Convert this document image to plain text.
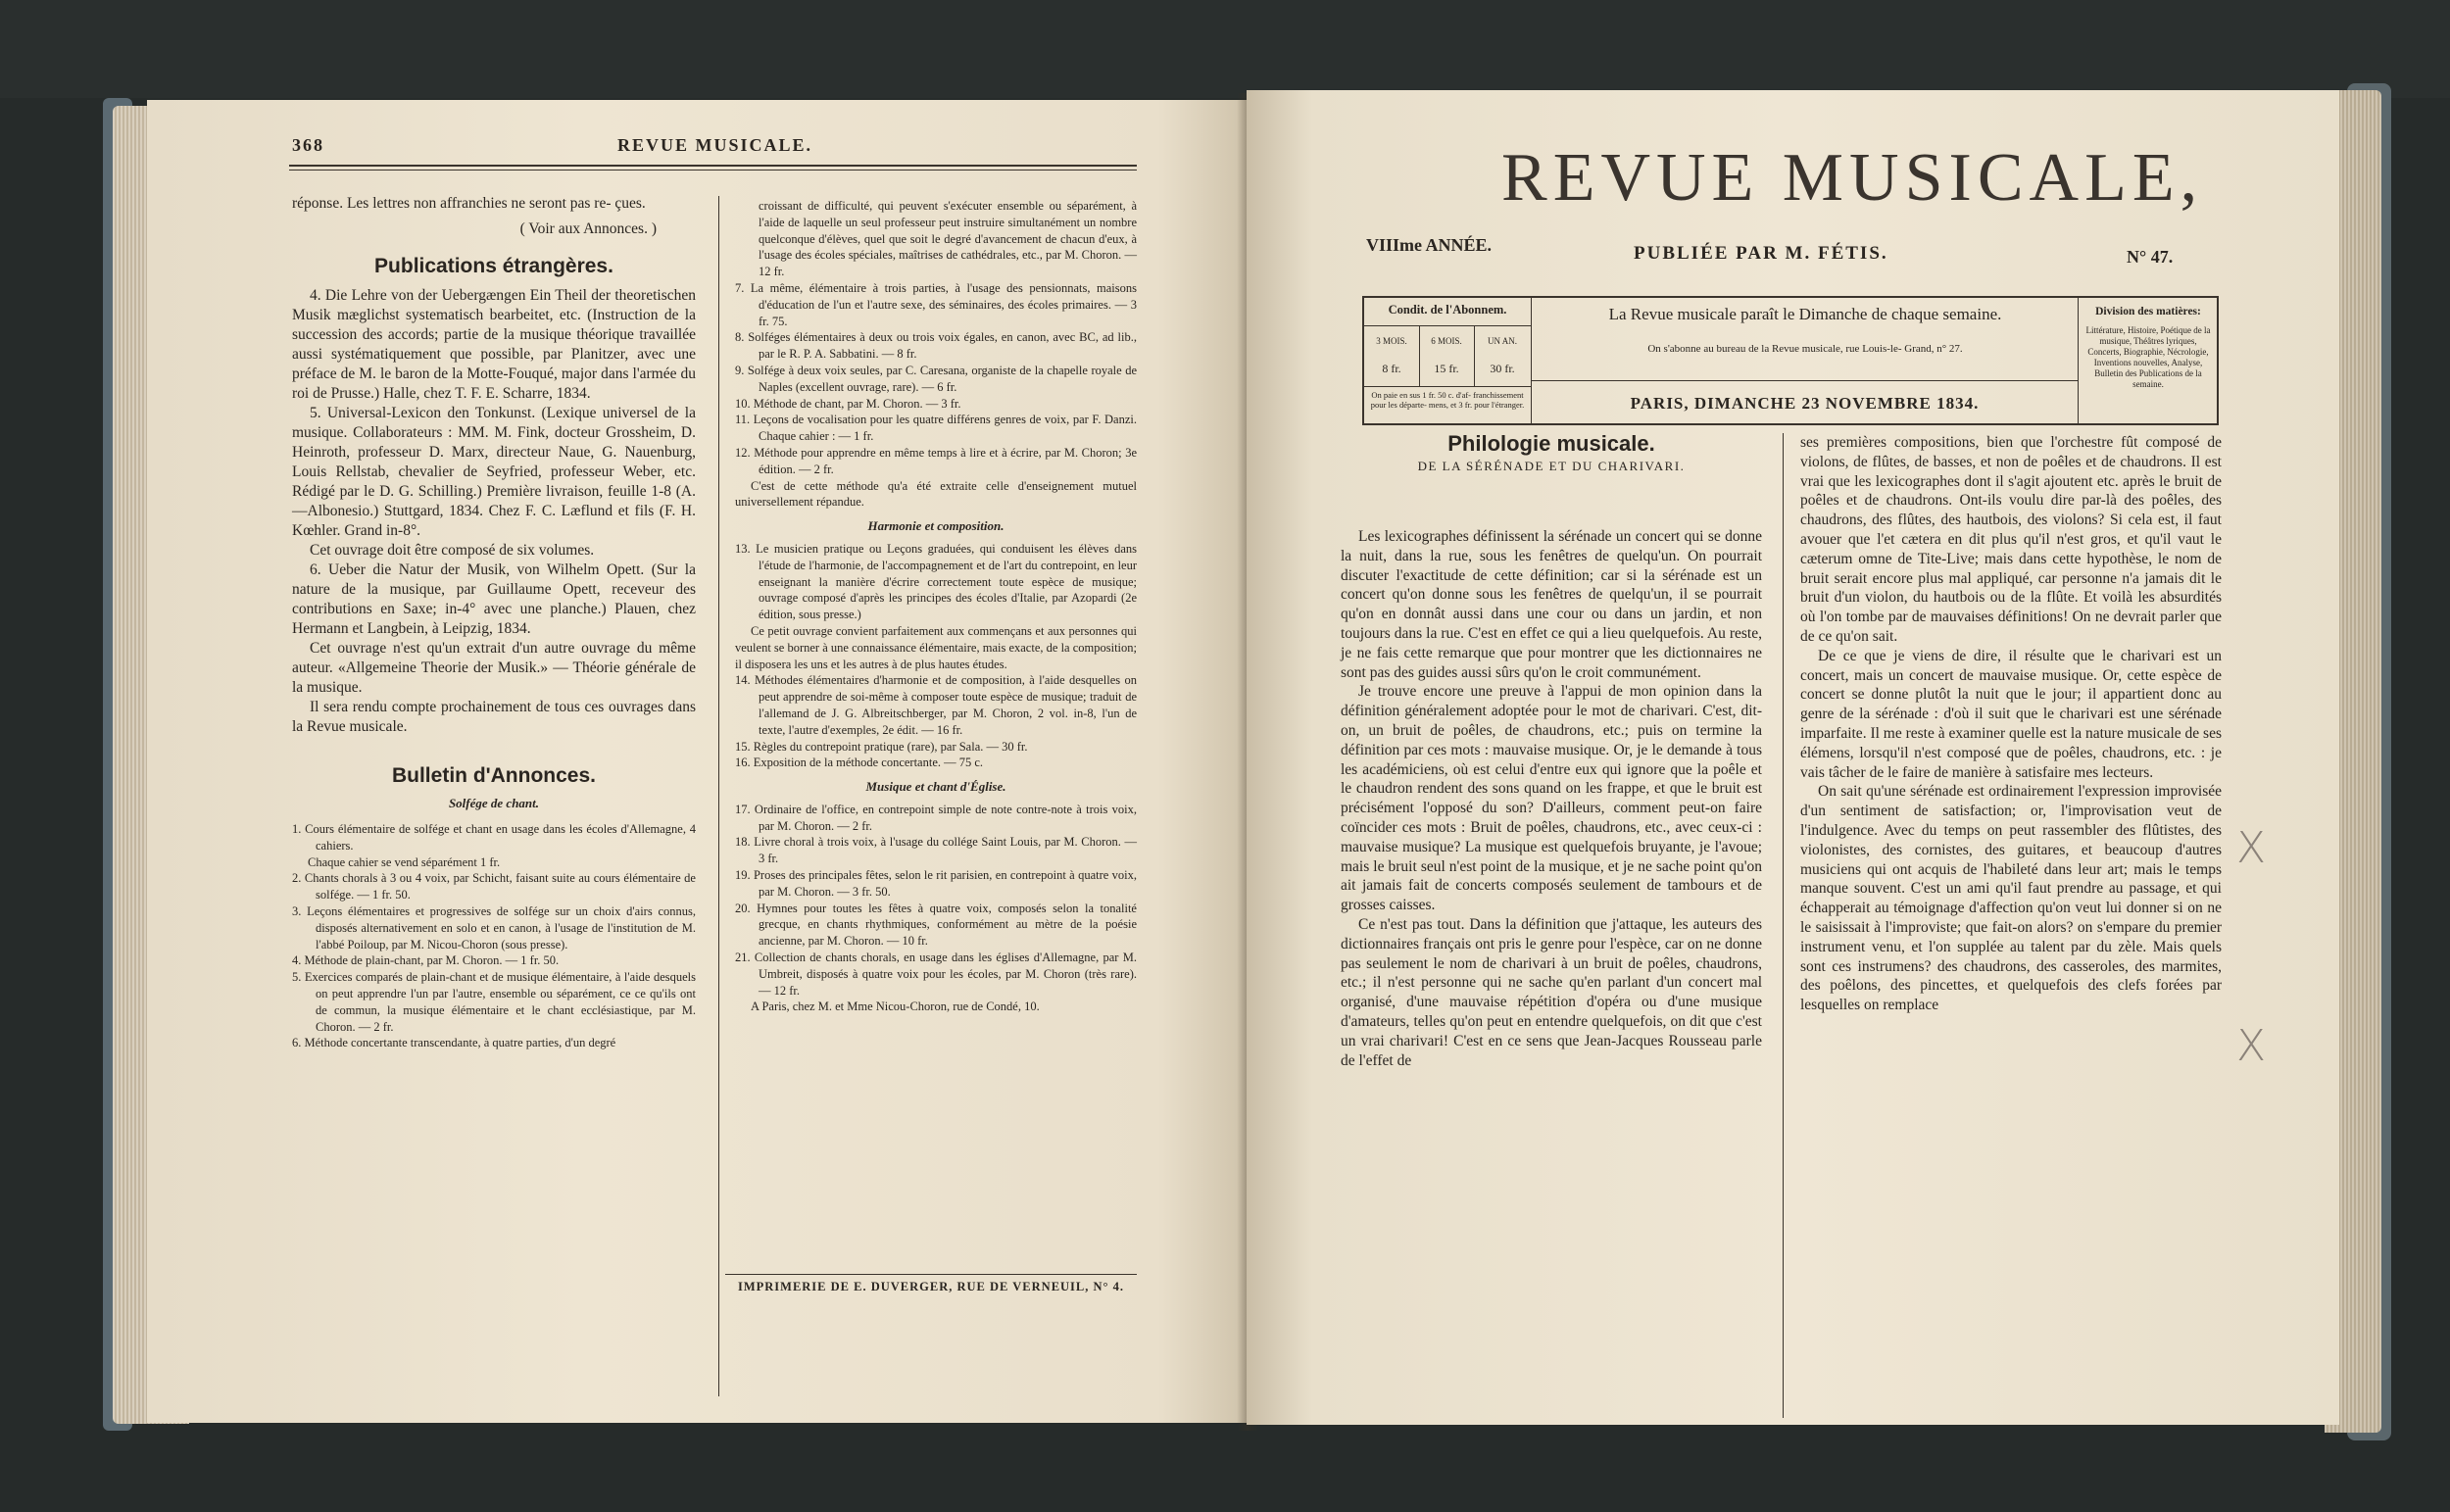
368	REVUE MUSICALE.

réponse. Les lettres non affranchies ne seront pas re- çues.

( Voir aux Annonces. )
Publications étrangères.

4. Die Lehre von der Uebergængen Ein Theil der theoretischen Musik mæglichst systematisch bearbeitet, etc. (Instruction de la succession des accords; partie de la musique théorique travaillée aussi systématiquement que possible, par Planitzer, avec une préface de M. le baron de la Motte-Fouqué, major dans l'armée du roi de Prusse.) Halle, chez T. F. E. Scharre, 1834.

5. Universal-Lexicon den Tonkunst. (Lexique universel de la musique. Collaborateurs : MM. M. Fink, docteur Grossheim, D. Heinroth, professeur D. Marx, directeur Naue, G. Nauenburg, Louis Rellstab, chevalier de Seyfried, professeur Weber, etc. Rédigé par le D. G. Schilling.) Première livraison, feuille 1-8 (A.—Albonesio.) Stuttgard, 1834. Chez F. C. Læflund et fils (F. H. Kœhler. Grand in-8°.

Cet ouvrage doit être composé de six volumes.

6. Ueber die Natur der Musik, von Wilhelm Opett. (Sur la nature de la musique, par Guillaume Opett, receveur des contributions en Saxe; in-4° avec une planche.) Plauen, chez Hermann et Langbein, à Leipzig, 1834.

Cet ouvrage n'est qu'un extrait d'un autre ouvrage du même auteur. «Allgemeine Theorie der Musik.» — Théorie générale de la musique.

Il sera rendu compte prochainement de tous ces ouvrages dans la Revue musicale.

Bulletin d'Annonces.
Solfége de chant.

1. Cours élémentaire de solfége et chant en usage dans les écoles d'Allemagne, 4 cahiers.

Chaque cahier se vend séparément 1 fr.

2. Chants chorals à 3 ou 4 voix, par Schicht, faisant suite au cours élémentaire de solfége. — 1 fr. 50.

3. Leçons élémentaires et progressives de solfége sur un choix d'airs connus, disposés alternativement en solo et en canon, à l'usage de l'institution de M. l'abbé Poiloup, par M. Nicou-Choron (sous presse).

4. Méthode de plain-chant, par M. Choron. — 1 fr. 50.

5. Exercices comparés de plain-chant et de musique élémentaire, à l'aide desquels on peut apprendre l'un par l'autre, ensemble ou séparément, ce ce qu'ils ont de commun, la musique élémentaire et le chant ecclésiastique, par M. Choron. — 2 fr.

6. Méthode concertante transcendante, à quatre parties, d'un degré

croissant de difficulté, qui peuvent s'exécuter ensemble ou séparément, à l'aide de laquelle un seul professeur peut instruire simultanément un nombre quelconque d'élèves, quel que soit le degré d'avancement de chacun d'eux, à l'usage des écoles spéciales, maîtrises de cathédrales, etc., par M. Choron. — 12 fr.

7. La même, élémentaire à trois parties, à l'usage des pensionnats, maisons d'éducation de l'un et l'autre sexe, des séminaires, des écoles primaires. — 3 fr. 75.

8. Solféges élémentaires à deux ou trois voix égales, en canon, avec BC, ad lib., par le R. P. A. Sabbatini. — 8 fr.

9. Solfége à deux voix seules, par C. Caresana, organiste de la chapelle royale de Naples (excellent ouvrage, rare). — 6 fr.

10. Méthode de chant, par M. Choron. — 3 fr.

11. Leçons de vocalisation pour les quatre différens genres de voix, par F. Danzi. Chaque cahier : — 1 fr.

12. Méthode pour apprendre en même temps à lire et à écrire, par M. Choron; 3e édition. — 2 fr.

C'est de cette méthode qu'a été extraite celle d'enseignement mutuel universellement répandue.

Harmonie et composition.

13. Le musicien pratique ou Leçons graduées, qui conduisent les élèves dans l'étude de l'harmonie, de l'accompagnement et de l'art du contrepoint, en leur enseignant la manière d'écrire correctement toute espèce de musique; ouvrage composé d'après les principes des écoles d'Italie, par Azopardi (2e édition, sous presse.)

Ce petit ouvrage convient parfaitement aux commençans et aux personnes qui veulent se borner à une connaissance élémentaire, mais exacte, de la composition; il disposera les uns et les autres à de plus hautes études.

14. Méthodes élémentaires d'harmonie et de composition, à l'aide desquelles on peut apprendre de soi-même à composer toute espèce de musique; traduit de l'allemand de J. G. Albreitschberger, par M. Choron, 2 vol. in-8, l'un de texte, l'autre d'exemples, 2e édit. — 16 fr.

15. Règles du contrepoint pratique (rare), par Sala. — 30 fr.

16. Exposition de la méthode concertante. — 75 c.

Musique et chant d'Église.

17. Ordinaire de l'office, en contrepoint simple de note contre-note à trois voix, par M. Choron. — 2 fr.

18. Livre choral à trois voix, à l'usage du collége Saint Louis, par M. Choron. — 3 fr.

19. Proses des principales fêtes, selon le rit parisien, en contrepoint à quatre voix, par M. Choron. — 3 fr. 50.

20. Hymnes pour toutes les fêtes à quatre voix, composés selon la tonalité grecque, en chants rhythmiques, conformément au mètre de la poésie ancienne, par M. Choron. — 10 fr.

21. Collection de chants chorals, en usage dans les églises d'Allemagne, par M. Umbreit, disposés à quatre voix pour les écoles, par M. Choron (très rare). — 12 fr.

A Paris, chez M. et Mme Nicou-Choron, rue de Condé, 10.

IMPRIMERIE DE E. DUVERGER, RUE DE VERNEUIL, N° 4.
REVUE MUSICALE,
VIIIme ANNÉE.	PUBLIÉE PAR M. FÉTIS.	N° 47.
Condit. de l'Abonnem.
3 MOIS.	6 MOIS.	UN AN.
8 fr.	15 fr.	30 fr.
On paie en sus 1 fr. 50 c. d'af- franchissement pour les départe- mens, et 3 fr. pour l'étranger.
La Revue musicale paraît le Dimanche de chaque semaine.
On s'abonne au bureau de la Revue musicale, rue Louis-le- Grand, n° 27.
PARIS, DIMANCHE 23 NOVEMBRE 1834.
Division des matières:
Littérature, Histoire, Poétique de la musique, Théâtres lyriques, Concerts, Biographie, Nécrologie, Inventions nouvelles, Analyse, Bulletin des Publications de la semaine.

Les lexicographes définissent la sérénade un concert qui se donne la nuit, dans la rue, sous les fenêtres de quelqu'un. On pourrait discuter l'exactitude de cette définition; car si la sérénade est un concert qu'on donne sous les fenêtres de quelqu'un, il se pourrait qu'on en donnât aussi dans une cour ou dans un jardin, et non toujours dans la rue. C'est en effet ce qui a lieu quelquefois. Au reste, je ne fais cette remarque que pour montrer que les dictionnaires ne sont pas des guides aussi sûrs qu'on le croit communément.

Je trouve encore une preuve à l'appui de mon opinion dans la définition généralement adoptée pour le mot de charivari. C'est, dit-on, un bruit de poêles, de chaudrons, etc.; puis on termine la définition par ces mots : mauvaise musique. Or, je le demande à tous les académiciens, où est celui d'entre eux qui ignore que la poêle et le chaudron rendent des sons quand on les frappe, et que le bruit est précisément l'opposé du son? D'ailleurs, comment peut-on faire coïncider ces mots : Bruit de poêles, chaudrons, etc., avec ceux-ci : mauvaise musique? La musique est quelquefois bruyante, je l'avoue; mais le bruit seul n'est point de la musique, et je ne sache point qu'on ait jamais fait de concerts composés seulement de tambours et de grosses caisses.

Ce n'est pas tout. Dans la définition que j'attaque, les auteurs des dictionnaires français ont pris le genre pour l'espèce, car on ne donne pas seulement le nom de charivari à un bruit de poêles, chaudrons, etc.; il n'est personne qui ne sache qu'en parlant d'un concert mal organisé, d'une mauvaise répétition d'opéra ou d'une musique d'amateurs, telles qu'on peut en entendre quelquefois, on dit que c'est un vrai charivari! C'est en ce sens que Jean-Jacques Rousseau parle de l'effet de

ses premières compositions, bien que l'orchestre fût composé de violons, de flûtes, de basses, et non de poêles et de chaudrons. Il est vrai que les lexicographes dont il s'agit ajoutent etc. après le bruit de poêles et de chaudrons. Ont-ils voulu dire par-là des poêles, des chaudrons, des flûtes, des hautbois, des violons? Si cela est, il faut avouer que l'et cætera en dit plus qu'il n'est gros, et qu'il vaut le cæterum omne de Tite-Live; mais dans cette hypothèse, le nom de bruit serait encore plus mal appliqué, car personne n'a jamais dit le bruit d'un violon, du hautbois ou de la flûte. Et voilà les absurdités où l'on tombe par de mauvaises définitions! On ne devrait parler que de ce qu'on sait.

De ce que je viens de dire, il résulte que le charivari est un concert, mais un concert de mauvaise musique. Or, cette espèce de concert se donne plutôt la nuit que le jour; il appartient donc au genre de la sérénade : d'où il suit que le charivari est une sérénade imparfaite. Il me reste à examiner quelle est la nature musicale de ses élémens, lorsqu'il n'est composé que de poêles, chaudrons, etc. : je vais tâcher de le faire de manière à satisfaire mes lecteurs.

On sait qu'une sérénade est ordinairement l'expression improvisée d'un sentiment de satisfaction; or, l'improvisation veut de l'indulgence. Avec du temps on peut rassembler des flûtistes, des violonistes, des cornistes, des guitares, et beaucoup d'autres musiciens qui ont acquis de l'habileté dans leur art; mais le temps manque souvent. C'est un ami qu'il faut prendre au passage, et qui échapperait au témoignage d'affection qu'on veut lui donner si on ne le saisissait à l'improviste; que fait-on alors? on s'empare du premier instrument venu, et l'on supplée au talent par du zèle. Mais quels sont ces instrumens? des chaudrons, des casseroles, des marmites, des poêlons, des pincettes, et quelquefois des clefs forées par lesquelles on remplace

X
X
Philologie musicale.
DE LA SÉRÉNADE ET DU CHARIVARI.
